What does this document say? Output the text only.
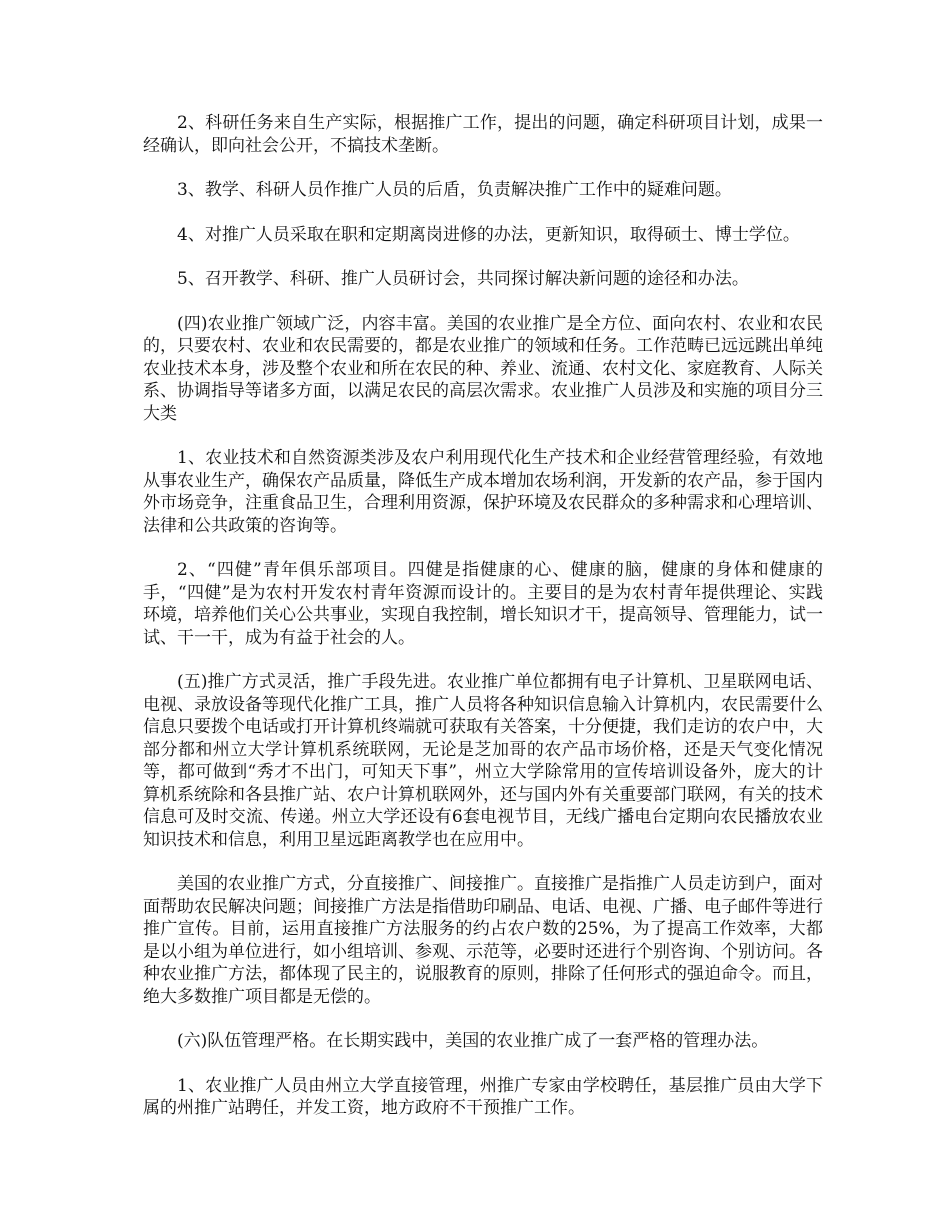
2、科研任务来自生产实际，根据推广工作，提出的问题，确定科研项目计划，成果一经确认，即向社会公开，不搞技术垄断。

3、教学、科研人员作推广人员的后盾，负责解决推广工作中的疑难问题。

4、对推广人员采取在职和定期离岗进修的办法，更新知识，取得硕士、博士学位。

5、召开教学、科研、推广人员研讨会，共同探讨解决新问题的途径和办法。

(四)农业推广领域广泛，内容丰富。美国的农业推广是全方位、面向农村、农业和农民的，只要农村、农业和农民需要的，都是农业推广的领域和任务。工作范畴已远远跳出单纯农业技术本身，涉及整个农业和所在农民的种、养业、流通、农村文化、家庭教育、人际关系、协调指导等诸多方面，以满足农民的高层次需求。农业推广人员涉及和实施的项目分三大类

1、农业技术和自然资源类涉及农户利用现代化生产技术和企业经营管理经验，有效地从事农业生产，确保农产品质量，降低生产成本增加农场利润，开发新的农产品，参于国内外市场竞争，注重食品卫生，合理利用资源，保护环境及农民群众的多种需求和心理培训、法律和公共政策的咨询等。

2、“四健”青年俱乐部项目。四健是指健康的心、健康的脑，健康的身体和健康的手，“四健”是为农村开发农村青年资源而设计的。主要目的是为农村青年提供理论、实践环境，培养他们关心公共事业，实现自我控制，增长知识才干，提高领导、管理能力，试一试、干一干，成为有益于社会的人。

(五)推广方式灵活，推广手段先进。农业推广单位都拥有电子计算机、卫星联网电话、电视、录放设备等现代化推广工具，推广人员将各种知识信息输入计算机内，农民需要什么信息只要拨个电话或打开计算机终端就可获取有关答案，十分便捷，我们走访的农户中，大部分都和州立大学计算机系统联网，无论是芝加哥的农产品市场价格，还是天气变化情况等，都可做到“秀才不出门，可知天下事”，州立大学除常用的宣传培训设备外，庞大的计算机系统除和各县推广站、农户计算机联网外，还与国内外有关重要部门联网，有关的技术信息可及时交流、传递。州立大学还设有6套电视节目，无线广播电台定期向农民播放农业知识技术和信息，利用卫星远距离教学也在应用中。

美国的农业推广方式，分直接推广、间接推广。直接推广是指推广人员走访到户，面对面帮助农民解决问题；间接推广方法是指借助印刷品、电话、电视、广播、电子邮件等进行推广宣传。目前，运用直接推广方法服务的约占农户数的25%，为了提高工作效率，大都是以小组为单位进行，如小组培训、参观、示范等，必要时还进行个别咨询、个别访问。各种农业推广方法，都体现了民主的，说服教育的原则，排除了任何形式的强迫命令。而且，绝大多数推广项目都是无偿的。

(六)队伍管理严格。在长期实践中，美国的农业推广成了一套严格的管理办法。

1、农业推广人员由州立大学直接管理，州推广专家由学校聘任，基层推广员由大学下属的州推广站聘任，并发工资，地方政府不干预推广工作。
